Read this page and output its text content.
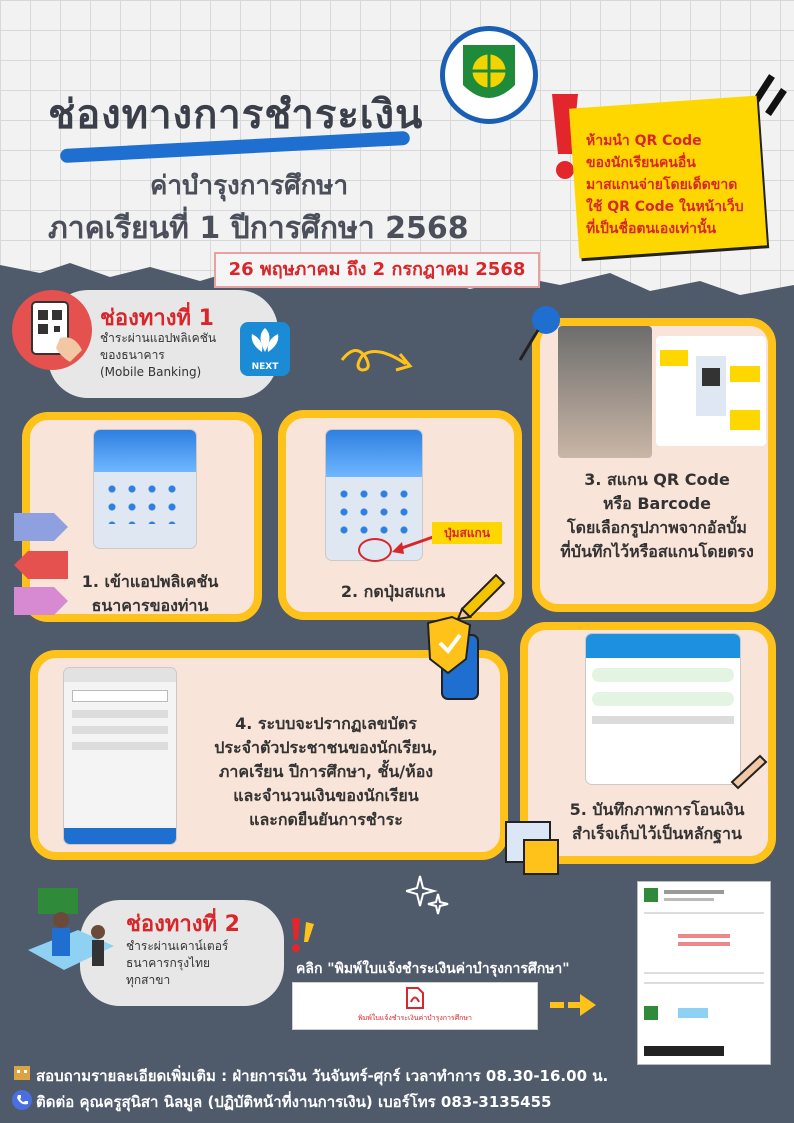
ช่องทางการชำระเงิน
ค่าบำรุงการศึกษา
ภาคเรียนที่ 1 ปีการศึกษา 2568
26 พฤษภาคม ถึง 2 กรกฎาคม 2568
ห้ามนำ QR Code
ของนักเรียนคนอื่น
มาสแกนจ่ายโดยเด็ดขาด
ใช้ QR Code ในหน้าเว็บ
ที่เป็นชื่อตนเองเท่านั้น
ช่องทางที่ 1
ชำระผ่านแอปพลิเคชัน
ของธนาคาร
(Mobile Banking)	NEXT
1. เข้าแอปพลิเคชัน
ธนาคารของท่าน
ปุ่มสแกน
2. กดปุ่มสแกน
3. สแกน QR Code
หรือ Barcode
โดยเลือกรูปภาพจากอัลบั้ม
ที่บันทึกไว้หรือสแกนโดยตรง
4. ระบบจะปรากฏเลขบัตร
ประจำตัวประชาชนของนักเรียน,
ภาคเรียน ปีการศึกษา, ชั้น/ห้อง
และจำนวนเงินของนักเรียน
และกดยืนยันการชำระ
5. บันทึกภาพการโอนเงิน
สำเร็จเก็บไว้เป็นหลักฐาน
ช่องทางที่ 2
ชำระผ่านเคาน์เตอร์
ธนาคารกรุงไทย
ทุกสาขา
คลิก "พิมพ์ใบแจ้งชำระเงินค่าบำรุงการศึกษา"
พิมพ์ใบแจ้งชำระเงินค่าบำรุงการศึกษา
สอบถามรายละเอียดเพิ่มเติม : ฝ่ายการเงิน วันจันทร์-ศุกร์ เวลาทำการ 08.30-16.00 น.
ติดต่อ คุณครูสุนิสา นิลมูล (ปฏิบัติหน้าที่งานการเงิน) เบอร์โทร 083-3135455
